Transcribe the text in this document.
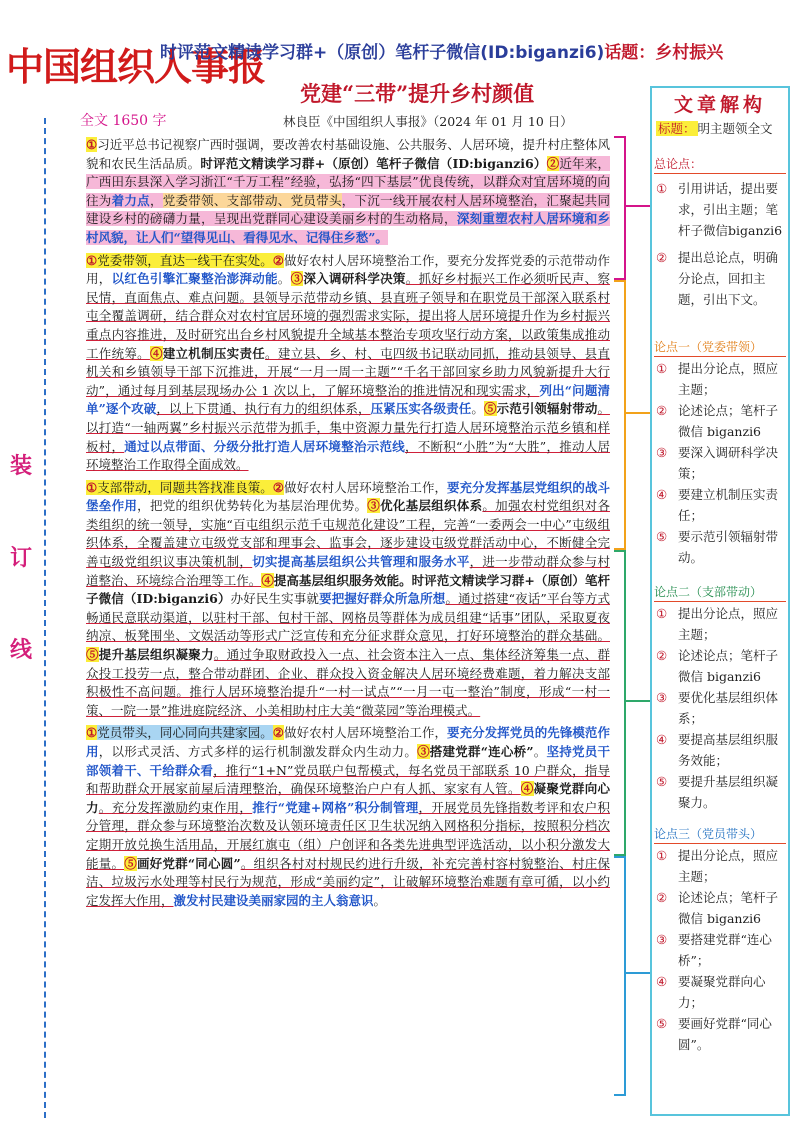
中国组织人事报
时评范文精读学习群+（原创）笔杆子微信(ID:biganzi6)话题：乡村振兴
党建“三带”提升乡村颜值
全文 1650 字	林良臣《中国组织人事报》（2024 年 01 月 10 日）
装
订
线

①习近平总书记视察广西时强调，要改善农村基础设施、公共服务、人居环境，提升村庄整体风貌和农民生活品质。时评范文精读学习群+（原创）笔杆子微信（ID:biganzi6）②近年来，广西田东县深入学习浙江“千万工程”经验，弘扬“四下基层”优良传统，以群众对宜居环境的向往为着力点，党委带领、支部带动、党员带头，下沉一线开展农村人居环境整治，汇聚起共同建设乡村的磅礴力量，呈现出党群同心建设美丽乡村的生动格局，深刻重塑农村人居环境和乡村风貌，让人们“望得见山、看得见水、记得住乡愁”。

①党委带领，直达一线干在实处。②做好农村人居环境整治工作，要充分发挥党委的示范带动作用，以红色引擎汇聚整治澎湃动能。③深入调研科学决策。抓好乡村振兴工作必须听民声、察民情，直面焦点、难点问题。县领导示范带动乡镇、县直班子领导和在职党员干部深入联系村屯全覆盖调研，结合群众对农村宜居环境的强烈需求实际，提出将人居环境提升作为乡村振兴重点内容推进，及时研究出台乡村风貌提升全域基本整治专项攻坚行动方案，以政策集成推动工作统筹。④建立机制压实责任。建立县、乡、村、屯四级书记联动同抓，推动县领导、县直机关和乡镇领导干部下沉推进，开展“一月一周一主题”“千名干部回家乡助力风貌新提升大行动”，通过每月到基层现场办公 1 次以上，了解环境整治的推进情况和现实需求，列出“问题清单”逐个攻破，以上下贯通、执行有力的组织体系，压紧压实各级责任。⑤示范引领辐射带动。以打造“一轴两翼”乡村振兴示范带为抓手，集中资源力量先行打造人居环境整治示范乡镇和样板村，通过以点带面、分级分批打造人居环境整治示范线，不断积“小胜”为“大胜”，推动人居环境整治工作取得全面成效。

①支部带动，同题共答找准良策。②做好农村人居环境整治工作，要充分发挥基层党组织的战斗堡垒作用，把党的组织优势转化为基层治理优势。③优化基层组织体系。加强农村党组织对各类组织的统一领导，实施“百屯组织示范千屯规范化建设”工程，完善“一委两会一中心”屯级组织体系，全覆盖建立屯级党支部和理事会、监事会，逐步建设屯级党群活动中心，不断健全完善屯级党组织议事决策机制，切实提高基层组织公共管理和服务水平，进一步带动群众参与村道整治、环境综合治理等工作。④提高基层组织服务效能。时评范文精读学习群+（原创）笔杆子微信（ID:biganzi6）办好民生实事就要把握好群众所急所想。通过搭建“夜话”平台等方式畅通民意联动渠道，以驻村干部、包村干部、网格员等群体为成员组建“话事”团队，采取夏夜纳凉、板凳围坐、文娱活动等形式广泛宣传和充分征求群众意见，打好环境整治的群众基础。⑤提升基层组织凝聚力。通过争取财政投入一点、社会资本注入一点、集体经济筹集一点、群众投工投劳一点，整合带动群团、企业、群众投入资金解决人居环境经费难题，着力解决支部积极性不高问题。推行人居环境整治提升“一村一试点”“一月一屯一整治”制度，形成“一村一策、一院一景”推进庭院经济、小美相助村庄大美“微菜园”等治理模式。

①党员带头，同心同向共建家园。②做好农村人居环境整治工作，要充分发挥党员的先锋模范作用，以形式灵活、方式多样的运行机制激发群众内生动力。③搭建党群“连心桥”。坚持党员干部领着干、干给群众看，推行“1+N”党员联户包帮模式，每名党员干部联系 10 户群众，指导和帮助群众开展家前屋后清理整治，确保环境整治户户有人抓、家家有人管。④凝聚党群向心力。充分发挥激励约束作用，推行“党建+网格”积分制管理，开展党员先锋指数考评和农户积分管理，群众参与环境整治次数及认领环境责任区卫生状况纳入网格积分指标，按照积分档次定期开放兑换生活用品，开展红旗屯（组）户创评和各类先进典型评选活动，以小积分激发大能量。⑤画好党群“同心圆”。组织各村对村规民约进行升级，补充完善村容村貌整治、村庄保洁、垃圾污水处理等村民行为规范，形成“美丽约定”，让破解环境整治难题有章可循，以小约定发挥大作用，激发村民建设美丽家园的主人翁意识。

文章解构
标题： 明主题领全文
总论点：
① 引用讲话，提出要求，引出主题；笔杆子微信biganzi6
② 提出总论点，明确分论点，回扣主题，引出下文。
论点一（党委带领）
① 提出分论点，照应主题；
② 论述论点；笔杆子微信 biganzi6
③ 要深入调研科学决策；
④ 要建立机制压实责任；
⑤ 要示范引领辐射带动。
论点二（支部带动）
① 提出分论点，照应主题；
② 论述论点；笔杆子微信 biganzi6
③ 要优化基层组织体系；
④ 要提高基层组织服务效能；
⑤ 要提升基层组织凝聚力。
论点三（党员带头）
① 提出分论点，照应主题；
② 论述论点；笔杆子微信 biganzi6
③ 要搭建党群“连心桥”；
④ 要凝聚党群向心力；
⑤ 要画好党群“同心圆”。
